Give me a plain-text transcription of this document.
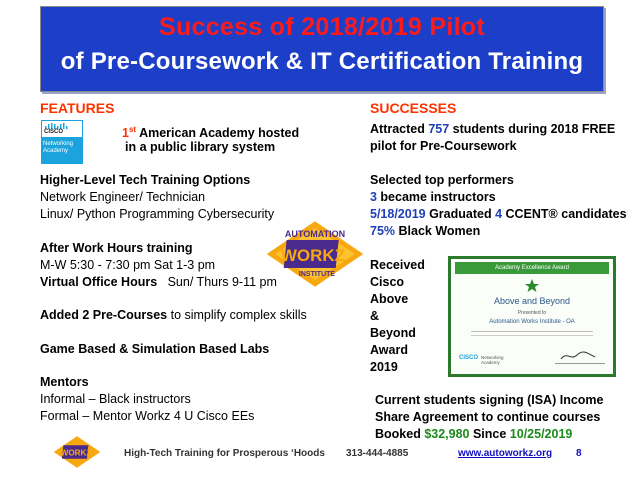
Success of 2018/2019 Pilot
of Pre-Coursework & IT Certification Training
FEATURES
CISCO
Networking
Academy
1st American Academy hosted
in a public library system
Higher-Level Tech Training Options
Network Engineer/ Technician
Linux/ Python Programming Cybersecurity
After Work Hours training
M-W 5:30 - 7:30 pm Sat 1-3 pm
Virtual Office Hours Sun/ Thurs 9-11 pm
Added 2 Pre-Courses to simplify complex skills
Game Based & Simulation Based Labs
Mentors
Informal – Black instructors
Formal – Mentor Workz 4 U Cisco EEs
AUTOMATION
WORKZ
INSTITUTE
SUCCESSES
Attracted 757 students during 2018 FREE
pilot for Pre-Coursework
Selected top performers
3 became instructors
5/18/2019 Graduated 4 CCENT® candidates
75% Black Women
Received
Cisco
Above
&
Beyond
Award
2019
Academy Excellence Award
Above and Beyond
Presented to
Automation Works Institute - OA
CISCO Networking Academy
Current students signing (ISA) Income
Share Agreement to continue courses
Booked $32,980 Since 10/25/2019
WORKZ	High-Tech Training for Prosperous ‘Hoods 313-444-4885	www.autoworkz.org 8
